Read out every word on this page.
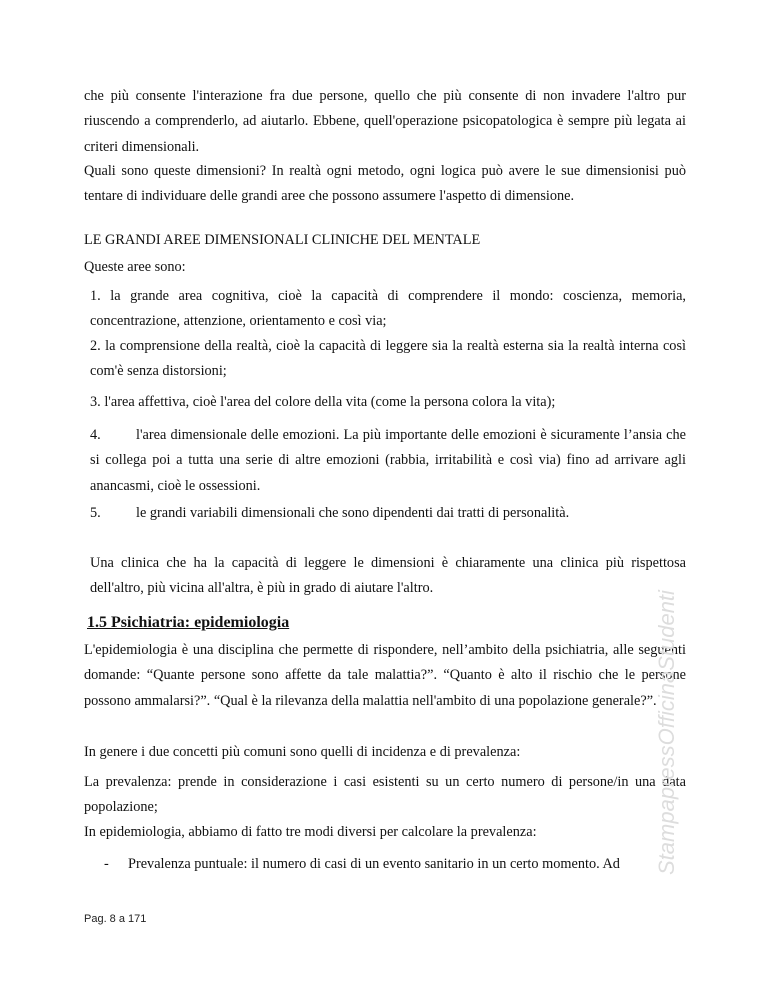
che più consente l'interazione fra due persone, quello che più consente di non invadere l'altro pur riuscendo a comprenderlo, ad aiutarlo. Ebbene, quell'operazione psicopatologica è sempre più legata ai criteri dimensionali.
Quali sono queste dimensioni? In realtà ogni metodo, ogni logica può avere le sue dimensionisi può tentare di individuare delle grandi aree che possono assumere l'aspetto di dimensione.
LE GRANDI AREE DIMENSIONALI CLINICHE DEL MENTALE
Queste aree sono:
1. la grande area cognitiva, cioè la capacità di comprendere il mondo: coscienza, memoria, concentrazione, attenzione, orientamento e così via;
2. la comprensione della realtà, cioè la capacità di leggere sia la realtà esterna sia la realtà interna così com'è senza distorsioni;
3. l'area affettiva, cioè l'area del colore della vita (come la persona colora la vita);
4. l'area dimensionale delle emozioni. La più importante delle emozioni è sicuramente l’ansia che si collega poi a tutta una serie di altre emozioni (rabbia, irritabilità e così via) fino ad arrivare agli anancasmi, cioè le ossessioni.
5. le grandi variabili dimensionali che sono dipendenti dai tratti di personalità.
Una clinica che ha la capacità di leggere le dimensioni è chiaramente una clinica più rispettosa dell'altro, più vicina all'altra, è più in grado di aiutare l'altro.
1.5 Psichiatria: epidemiologia
L'epidemiologia è una disciplina che permette di rispondere, nell’ambito della psichiatria, alle seguenti domande: “Quante persone sono affette da tale malattia?”. “Quanto è alto il rischio che le persone possono ammalarsi?”. “Qual è la rilevanza della malattia nell'ambito di una popolazione generale?”.
In genere i due concetti più comuni sono quelli di incidenza e di prevalenza:
La prevalenza: prende in considerazione i casi esistenti su un certo numero di persone/in una data popolazione;
In epidemiologia, abbiamo di fatto tre modi diversi per calcolare la prevalenza:
- Prevalenza puntuale: il numero di casi di un evento sanitario in un certo momento. Ad
Pag. 8 a 171
StampapressOfficinaStudenti
